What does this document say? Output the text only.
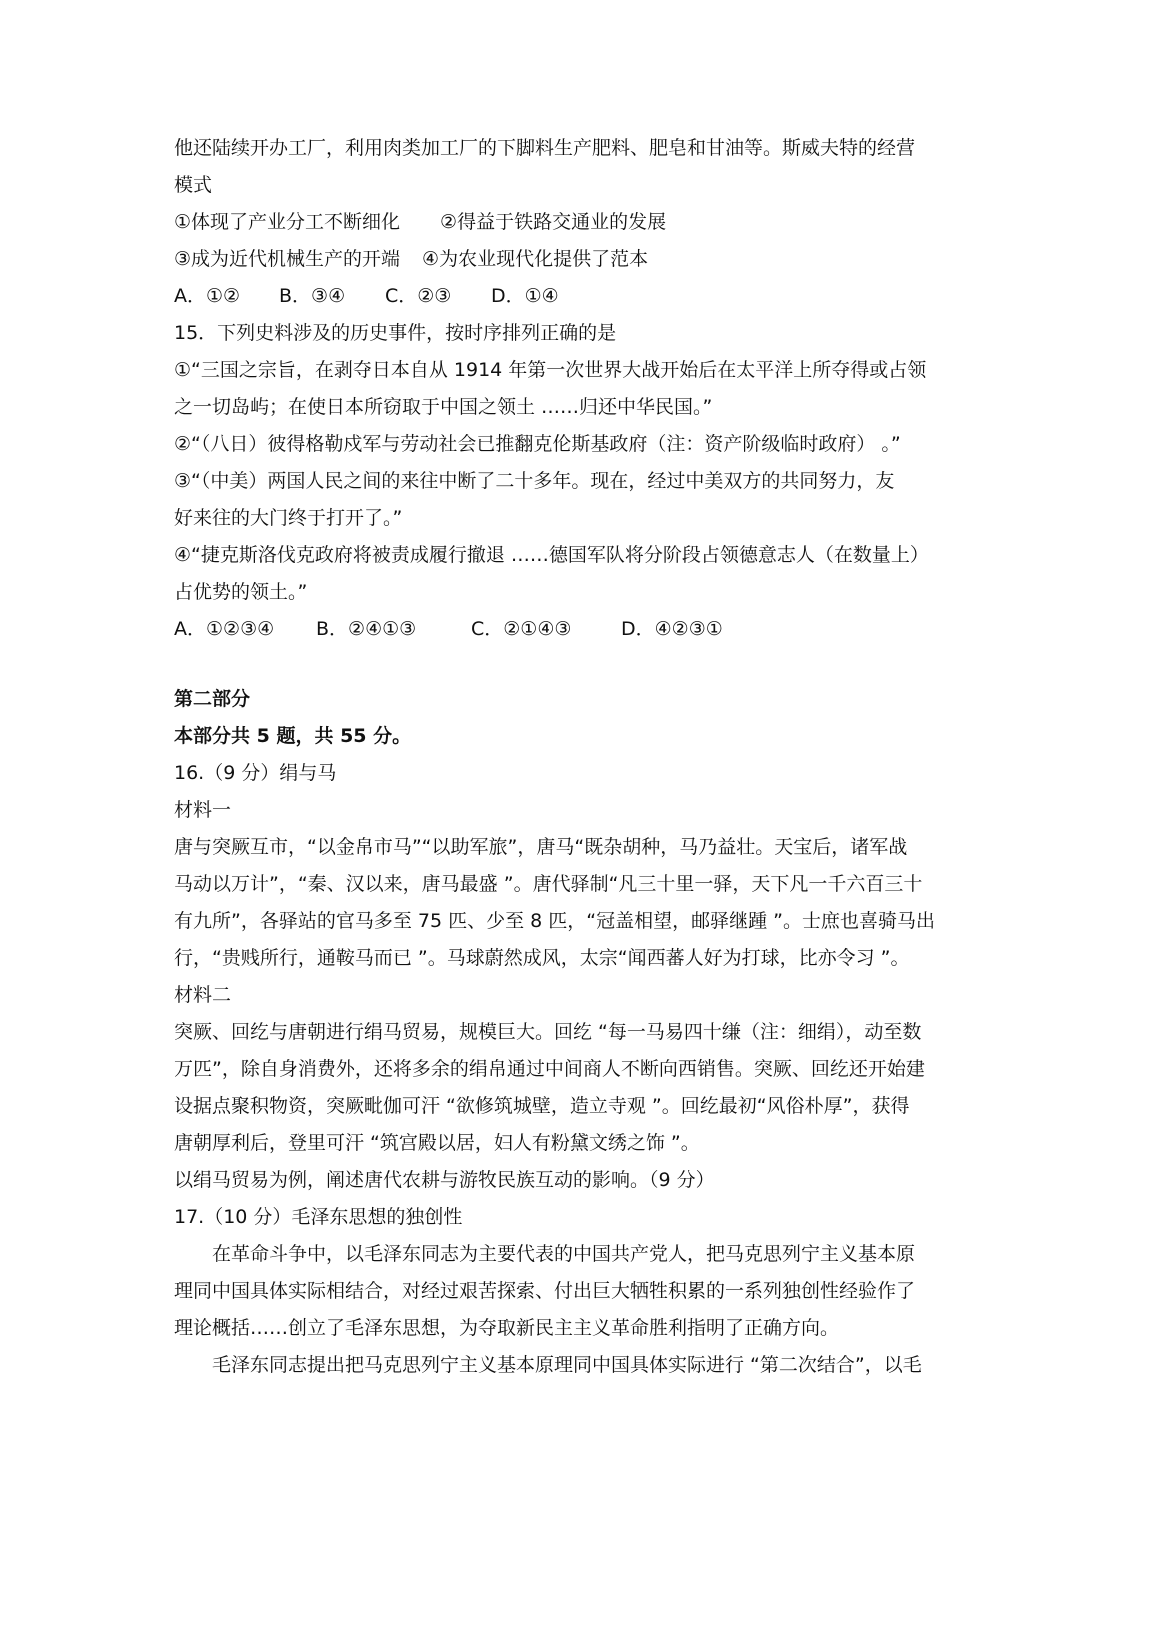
他还陆续开办工厂，利用肉类加工厂的下脚料生产肥料、肥皂和甘油等。斯威夫特的经营
模式
①体现了产业分工不断细化 ②得益于铁路交通业的发展
③成为近代机械生产的开端 ④为农业现代化提供了范本
A．①② B．③④ C．②③ D．①④
15．下列史料涉及的历史事件，按时序排列正确的是
①“三国之宗旨，在剥夺日本自从 1914 年第一次世界大战开始后在太平洋上所夺得或占领
之一切岛屿；在使日本所窃取于中国之领土 ……归还中华民国。”
②“（八日）彼得格勒戍军与劳动社会已推翻克伦斯基政府（注：资产阶级临时政府） 。”
③“（中美）两国人民之间的来往中断了二十多年。现在，经过中美双方的共同努力，友
好来往的大门终于打开了。”
④“捷克斯洛伐克政府将被责成履行撤退 ……德国军队将分阶段占领德意志人（在数量上）
占优势的领土。”
A．①②③④ B．②④①③	C．②①④③	D．④②③①
第二部分
本部分共 5 题，共 55 分。
16.（9 分）绢与马
材料一
唐与突厥互市，“以金帛市马”“以助军旅”，唐马“既杂胡种，马乃益壮。天宝后，诸军战
马动以万计”，“秦、汉以来，唐马最盛 ”。唐代驿制“凡三十里一驿，天下凡一千六百三十
有九所”，各驿站的官马多至 75 匹、少至 8 匹，“冠盖相望，邮驿继踵 ”。士庶也喜骑马出
行，“贵贱所行，通鞍马而已 ”。马球蔚然成风，太宗“闻西蕃人好为打球，比亦令习 ”。
材料二
突厥、回纥与唐朝进行绢马贸易，规模巨大。回纥 “每一马易四十缣（注：细绢），动至数
万匹”，除自身消费外，还将多余的绢帛通过中间商人不断向西销售。突厥、回纥还开始建
设据点聚积物资，突厥毗伽可汗 “欲修筑城壁，造立寺观 ”。回纥最初“风俗朴厚”，获得
唐朝厚利后，登里可汗 “筑宫殿以居，妇人有粉黛文绣之饰 ”。
以绢马贸易为例，阐述唐代农耕与游牧民族互动的影响。（9 分）
17.（10 分）毛泽东思想的独创性
在革命斗争中，以毛泽东同志为主要代表的中国共产党人，把马克思列宁主义基本原
理同中国具体实际相结合，对经过艰苦探索、付出巨大牺牲积累的一系列独创性经验作了
理论概括……创立了毛泽东思想，为夺取新民主主义革命胜利指明了正确方向。
毛泽东同志提出把马克思列宁主义基本原理同中国具体实际进行 “第二次结合”，以毛
